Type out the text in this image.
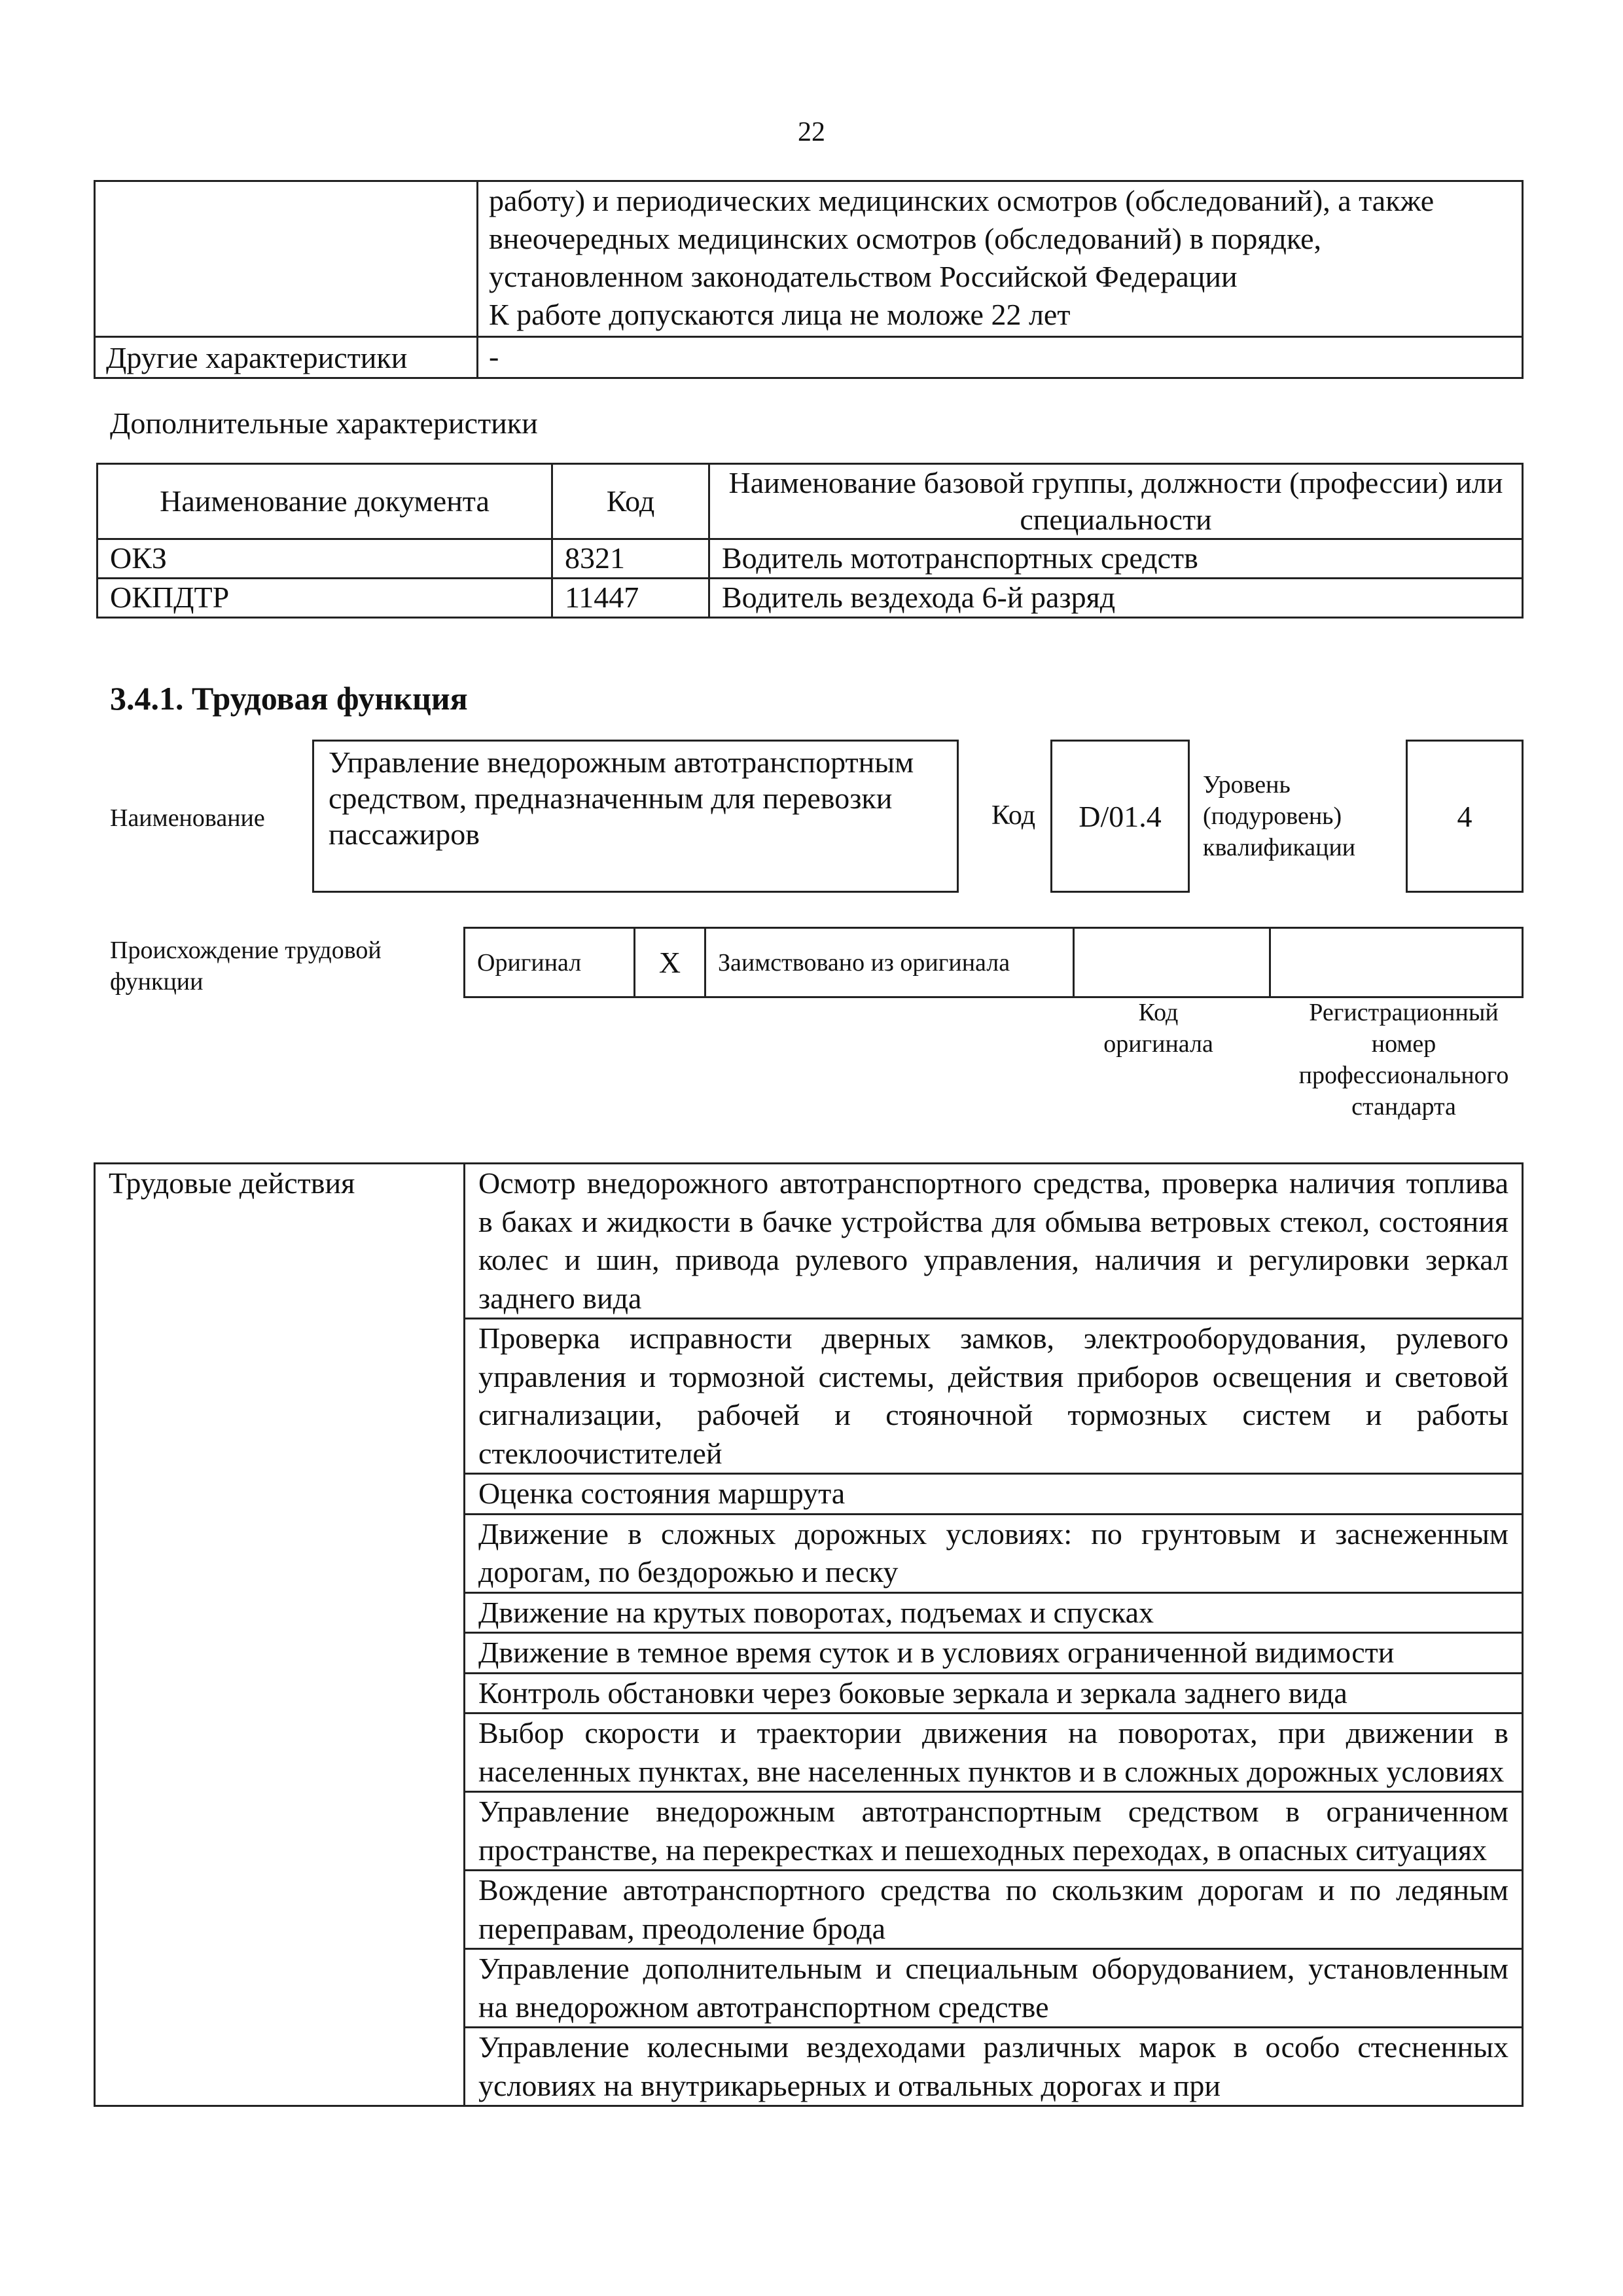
22

	работу) и периодических медицинских осмотров (обследований), а также внеочередных медицинских осмотров (обследований) в порядке, установленном законодательством Российской Федерации
К работе допускаются лица не моложе 22 лет

Другие характеристики	-
Дополнительные характеристики
Наименование документа	Код	Наименование базовой группы, должности (профессии) или специальности
ОКЗ	8321	Водитель мототранспортных средств
ОКПДТР	11447	Водитель вездехода 6-й разряд
3.4.1. Трудовая функция
Наименование
Управление внедорожным автотранспортным средством, предназначенным для перевозки пассажиров
Код	D/01.4
Уровень
(подуровень)
квалификации
4
Происхождение трудовой функции
Оригинал	X	Заимствовано из оригинала		
Код
оригинала
Регистрационный
номер
профессионального
стандарта
Трудовые действия	Осмотр внедорожного автотранспортного средства, проверка наличия топлива в баках и жидкости в бачке устройства для обмыва ветровых стекол, состояния колес и шин, привода рулевого управления, наличия и регулировки зеркал заднего вида
Проверка исправности дверных замков, электрооборудования, рулевого управления и тормозной системы, действия приборов освещения и световой сигнализации, рабочей и стояночной тормозных систем и работы стеклоочистителей
Оценка состояния маршрута
Движение в сложных дорожных условиях: по грунтовым и заснеженным дорогам, по бездорожью и песку
Движение на крутых поворотах, подъемах и спусках
Движение в темное время суток и в условиях ограниченной видимости
Контроль обстановки через боковые зеркала и зеркала заднего вида
Выбор скорости и траектории движения на поворотах, при движении в населенных пунктах, вне населенных пунктов и в сложных дорожных условиях
Управление внедорожным автотранспортным средством в ограниченном пространстве, на перекрестках и пешеходных переходах, в опасных ситуациях
Вождение автотранспортного средства по скользким дорогам и по ледяным переправам, преодоление брода
Управление дополнительным и специальным оборудованием, установленным на внедорожном автотранспортном средстве
Управление колесными вездеходами различных марок в особо стесненных условиях на внутрикарьерных и отвальных дорогах и при
